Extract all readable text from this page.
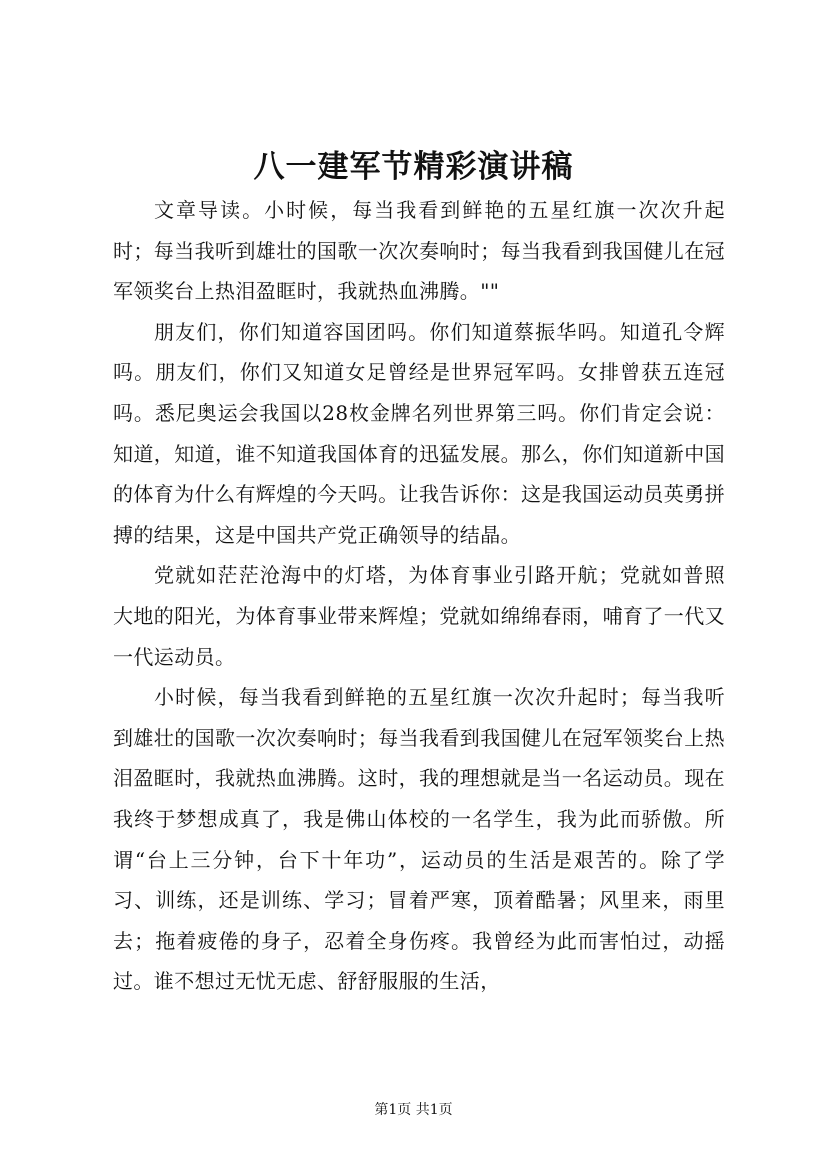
八一建军节精彩演讲稿

文章导读。小时候，每当我看到鲜艳的五星红旗一次次升起时；每当我听到雄壮的国歌一次次奏响时；每当我看到我国健儿在冠军领奖台上热泪盈眶时，我就热血沸腾。""

朋友们，你们知道容国团吗。你们知道蔡振华吗。知道孔令辉吗。朋友们，你们又知道女足曾经是世界冠军吗。女排曾获五连冠吗。悉尼奥运会我国以28枚金牌名列世界第三吗。你们肯定会说：知道，知道，谁不知道我国体育的迅猛发展。那么，你们知道新中国的体育为什么有辉煌的今天吗。让我告诉你：这是我国运动员英勇拼搏的结果，这是中国共产党正确领导的结晶。

党就如茫茫沧海中的灯塔，为体育事业引路开航；党就如普照大地的阳光，为体育事业带来辉煌；党就如绵绵春雨，哺育了一代又一代运动员。

小时候，每当我看到鲜艳的五星红旗一次次升起时；每当我听到雄壮的国歌一次次奏响时；每当我看到我国健儿在冠军领奖台上热泪盈眶时，我就热血沸腾。这时，我的理想就是当一名运动员。现在我终于梦想成真了，我是佛山体校的一名学生，我为此而骄傲。所谓“台上三分钟，台下十年功”，运动员的生活是艰苦的。除了学习、训练，还是训练、学习；冒着严寒，顶着酷暑；风里来，雨里去；拖着疲倦的身子，忍着全身伤疼。我曾经为此而害怕过，动摇过。谁不想过无忧无虑、舒舒服服的生活，

第1页 共1页
